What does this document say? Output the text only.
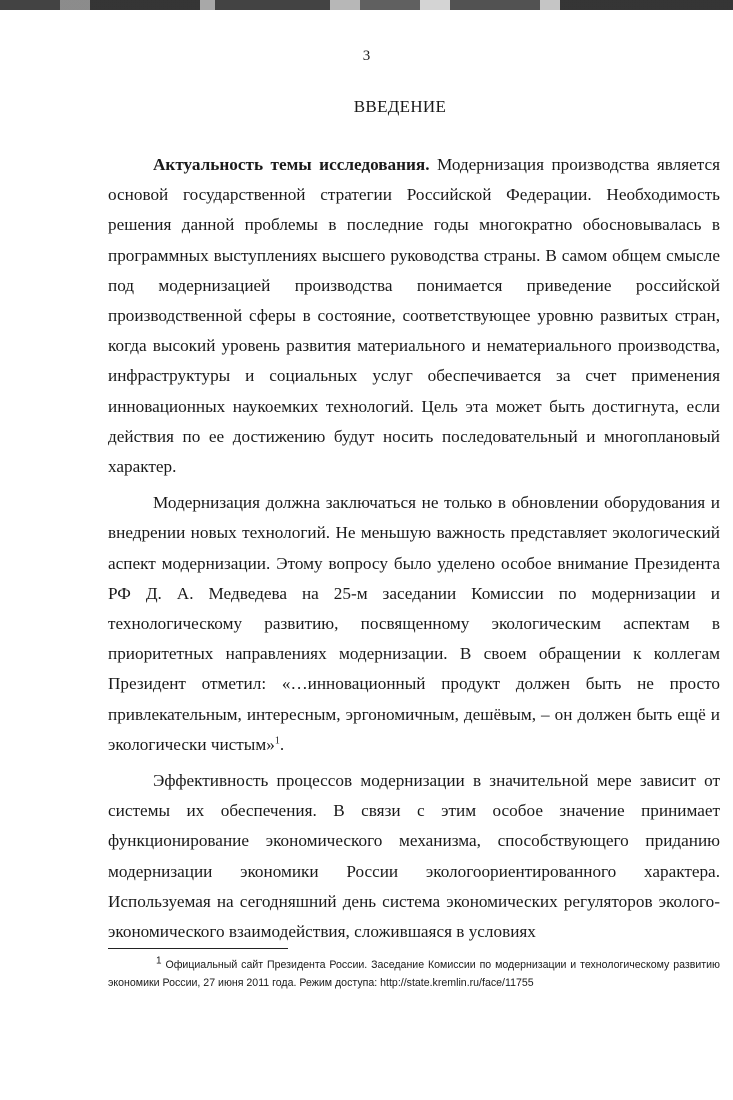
3
ВВЕДЕНИЕ

Актуальность темы исследования. Модернизация производства является основой государственной стратегии Российской Федерации. Необходимость решения данной проблемы в последние годы многократно обосновывалась в программных выступлениях высшего руководства страны. В самом общем смысле под модернизацией производства понимается приведение российской производственной сферы в состояние, соответствующее уровню развитых стран, когда высокий уровень развития материального и нематериального производства, инфраструктуры и социальных услуг обеспечивается за счет применения инновационных наукоемких технологий. Цель эта может быть достигнута, если действия по ее достижению будут носить последовательный и многоплановый характер.

Модернизация должна заключаться не только в обновлении оборудования и внедрении новых технологий. Не меньшую важность представляет экологический аспект модернизации. Этому вопросу было уделено особое внимание Президента РФ Д. А. Медведева на 25-м заседании Комиссии по модернизации и технологическому развитию, посвященному экологическим аспектам в приоритетных направлениях модернизации. В своем обращении к коллегам Президент отметил: «…инновационный продукт должен быть не просто привлекательным, интересным, эргономичным, дешёвым, – он должен быть ещё и экологически чистым»$^1$.

Эффективность процессов модернизации в значительной мере зависит от системы их обеспечения. В связи с этим особое значение принимает функционирование экономического механизма, способствующего приданию модернизации экономики России экологоориентированного характера. Используемая на сегодняшний день система экономических регуляторов эколого-экономического взаимодействия, сложившаяся в условиях

1 Официальный сайт Президента России. Заседание Комиссии по модернизации и технологическому развитию экономики России, 27 июня 2011 года. Режим доступа: http://state.kremlin.ru/face/11755
